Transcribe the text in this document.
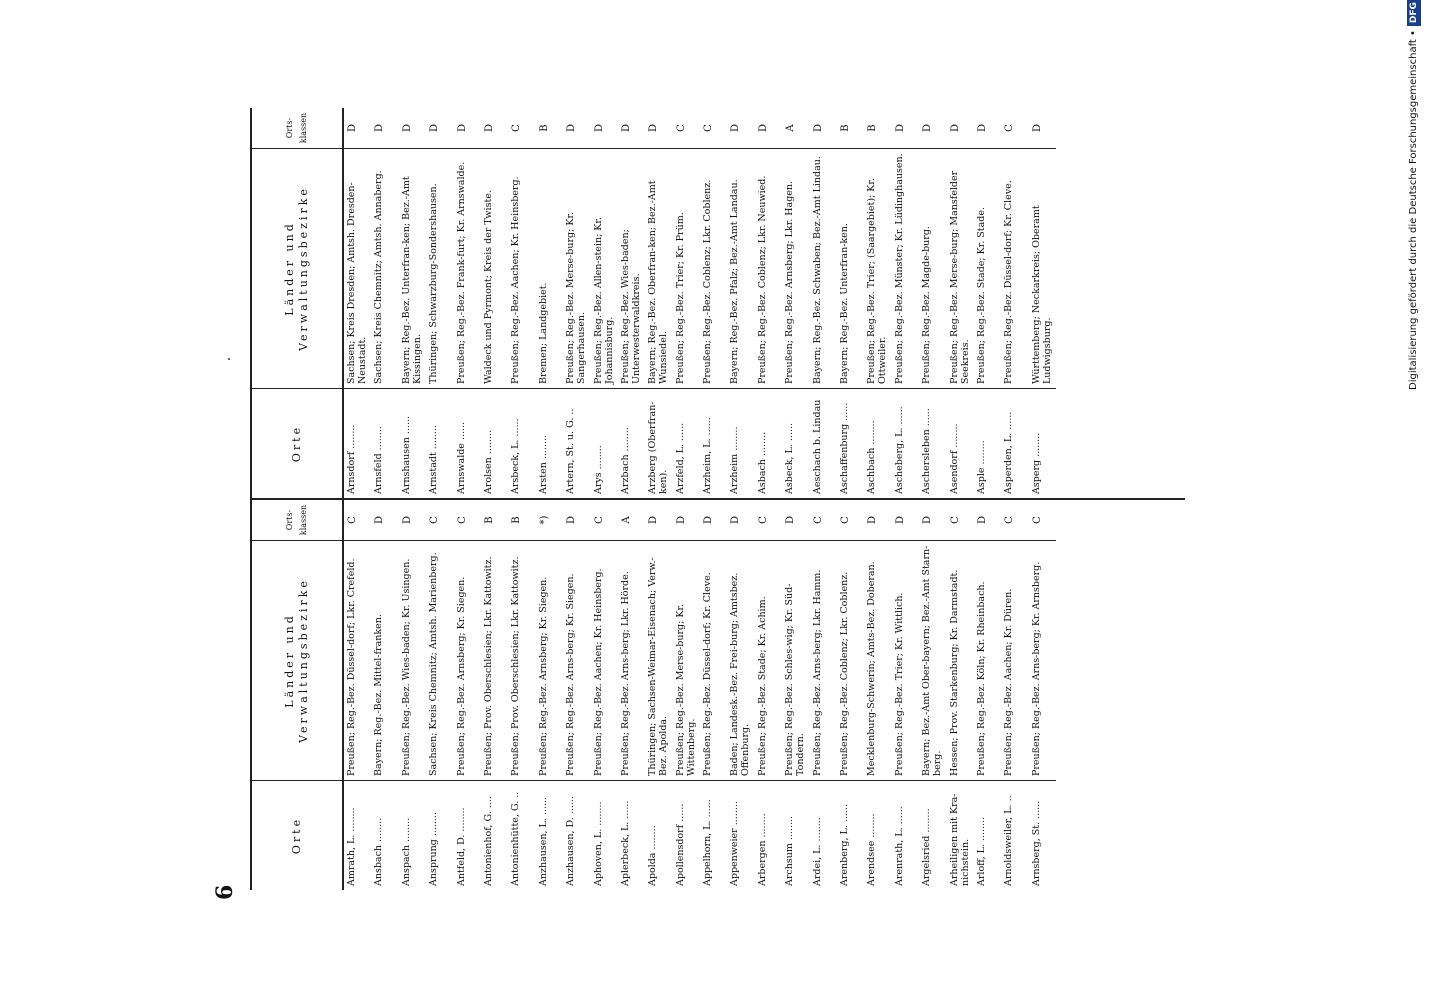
6
Orte
Länder und Verwaltungsbezirke
Orts-klassen
Amrath, L. ........
Preußen; Reg.-Bez. Düssel-dorf; Lkr. Crefeld.
C
Ansbach ........
Bayern; Reg.-Bez. Mittel-franken.
D
Anspach ........
Preußen; Reg.-Bez. Wies-baden; Kr. Usingen.
D
Ansprung ........
Sachsen; Kreis Chemnitz; Amtsh. Marienberg.
C
Antfeld, D. ........
Preußen; Reg.-Bez. Arnsberg; Kr. Siegen.
C
Antonienhof, G. ....
Preußen; Prov. Oberschlesien; Lkr. Kattowitz.
B
Antonienhütte, G. ..
Preußen; Prov. Oberschlesien; Lkr. Kattowitz.
B
Anzhausen, L. ......
Preußen; Reg.-Bez. Arnsberg; Kr. Siegen.
*)
Anzhausen, D. ......
Preußen; Reg.-Bez. Arns-berg; Kr. Siegen.
D
Aphoven, L. ........
Preußen; Reg.-Bez. Aachen; Kr. Heinsberg.
C
Aplerbeck, L. ......
Preußen; Reg.-Bez. Arns-berg; Lkr. Hörde.
A
Apolda ........
Thüringen; Sachsen-Weimar-Eisenach; Verw.-Bez. Apolda.
D
Apollensdorf ......
Preußen; Reg.-Bez. Merse-burg; Kr. Wittenberg.
D
Appelhorn, L. ......
Preußen; Reg.-Bez. Düssel-dorf; Kr. Cleve.
D
Appenweier ........
Baden; Landesk.-Bez. Frei-burg; Amtsbez. Offenburg.
D
Arbergen ........
Preußen; Reg.-Bez. Stade; Kr. Achim.
C
Archsum ........
Preußen; Reg.-Bez. Schles-wig; Kr. Süd-Tondern.
D
Ardei, L. ........
Preußen; Reg.-Bez. Arns-berg; Lkr. Hamm.
C
Arenberg, L. ......
Preußen; Reg.-Bez. Coblenz; Lkr. Coblenz.
C
Arendsee ........
Mecklenburg-Schwerin; Amts-Bez. Doberan.
D
Arenrath, L. ......
Preußen; Reg.-Bez. Trier; Kr. Wittlich.
D
Argelsried ........
Bayern; Bez.-Amt Ober-bayern; Bez.-Amt Starn-berg.
D
Arheiligen mit Kra-nichstein.
Hessen; Prov. Starkenburg; Kr. Darmstadt.
C
Arloff, L. ........
Preußen; Reg.-Bez. Köln; Kr. Rheinbach.
D
Arnoldsweiler, L. ..
Preußen; Reg.-Bez. Aachen; Kr. Düren.
C
Arnsberg, St. ......
Preußen; Reg.-Bez. Arns-berg; Kr. Arnsberg.
C
Orte
Länder und Verwaltungsbezirke
Orts-klassen
Arnsdorf ........
Sachsen; Kreis Dresden; Amtsh. Dresden-Neustadt.
D
Arnsfeld ........
Sachsen; Kreis Chemnitz; Amtsh. Annaberg.
D
Arnshausen ......
Bayern; Reg.-Bez. Unterfran-ken; Bez.-Amt Kissingen.
D
Arnstadt ........
Thüringen; Schwarzburg-Sondershausen.
D
Arnswalde ......
Preußen; Reg.-Bez. Frank-furt; Kr. Arnswalde.
D
Arolsen ........
Waldeck und Pyrmont; Kreis der Twiste.
D
Arsbeck, L. ......
Preußen; Reg.-Bez. Aachen; Kr. Heinsberg.
C
Arsten ........
Bremen; Landgebiet.
B
Artern, St. u. G. ..
Preußen; Reg.-Bez. Merse-burg; Kr. Sangerhausen.
D
Arys ........
Preußen; Reg.-Bez. Allen-stein; Kr. Johannisburg.
D
Arzbach ........
Preußen; Reg.-Bez. Wies-baden; Unterwesterwaldkreis.
D
Arzberg (Oberfran-ken).
Bayern; Reg.-Bez. Oberfran-ken; Bez.-Amt Wunsiedel.
D
Arzfeld, L. ......
Preußen; Reg.-Bez. Trier; Kr. Prüm.
C
Arzheim, L. ......
Preußen; Reg.-Bez. Coblenz; Lkr. Coblenz.
C
Arzheim ........
Bayern; Reg.-Bez. Pfalz; Bez.-Amt Landau.
D
Asbach ........
Preußen; Reg.-Bez. Coblenz; Lkr. Neuwied.
D
Asbeck, L. ......
Preußen; Reg.-Bez. Arnsberg; Lkr. Hagen.
A
Aeschach b. Lindau
Bayern; Reg.-Bez. Schwaben; Bez.-Amt Lindau.
D
Aschaffenburg ......
Bayern; Reg.-Bez. Unterfran-ken.
B
Aschbach ........
Preußen; Reg.-Bez. Trier; (Saargebiet); Kr. Ottweiler.
B
Ascheberg, L. ......
Preußen; Reg.-Bez. Münster; Kr. Lüdinghausen.
D
Aschersleben ......
Preußen; Reg.-Bez. Magde-burg.
D
Asendorf ........
Preußen; Reg.-Bez. Merse-burg; Mansfelder Seekreis.
D
Asple ........
Preußen; Reg.-Bez. Stade; Kr. Stade.
D
Asperden, L. ......
Preußen; Reg.-Bez. Düssel-dorf; Kr. Cleve.
C
Asperg ........
Württemberg; Neckarkreis; Oberamt Ludwigsburg.
D	Digitalisierung gefördert durch die Deutsche Forschungsgemeinschaft •DFG
